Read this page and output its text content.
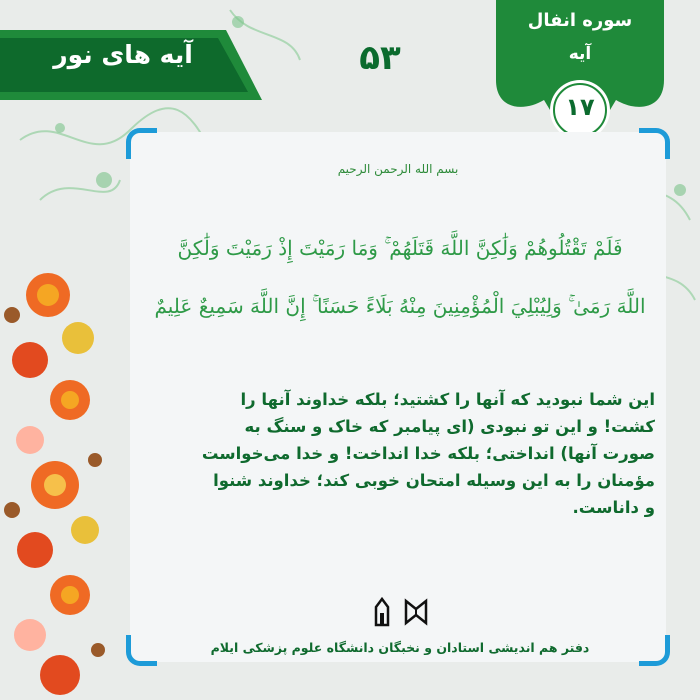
آیه های نور	۵۳
سوره انفال
آیه
۱۷
بسم الله الرحمن الرحیم
فَلَمْ تَقْتُلُوهُمْ وَلَٰكِنَّ اللَّهَ قَتَلَهُمْ ۚ وَمَا رَمَيْتَ إِذْ رَمَيْتَ وَلَٰكِنَّ
اللَّهَ رَمَىٰ ۚ وَلِيُبْلِيَ الْمُؤْمِنِينَ مِنْهُ بَلَاءً حَسَنًا ۚ إِنَّ اللَّهَ سَمِيعٌ عَلِيمٌ
این شما نبودید که آنها را کشتید؛ بلکه خداوند آنها را کشت! و این تو نبودی (ای پیامبر که خاک و سنگ به صورت آنها) انداختی؛ بلکه خدا انداخت! و خدا می‌خواست مؤمنان را به این وسیله امتحان خوبی کند؛ خداوند شنوا و داناست.
دفتر هم اندیشی استادان و نخبگان دانشگاه علوم پزشکی ایلام
